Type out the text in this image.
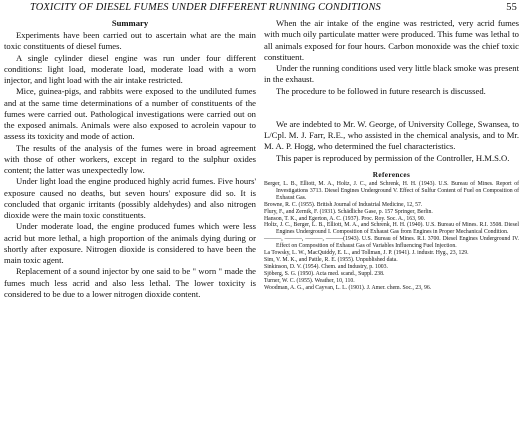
TOXICITY OF DIESEL FUMES UNDER DIFFERENT RUNNING CONDITIONS	55
Summary

Experiments have been carried out to ascertain what are the main toxic constituents of diesel fumes.

A single cylinder diesel engine was run under four different conditions: light load, moderate load, moderate load with a worn injector, and light load with the air intake restricted.

Mice, guinea-pigs, and rabbits were exposed to the undiluted fumes and at the same time determinations of a number of constituents of the fumes were carried out. Pathological investigations were carried out on the exposed animals. Animals were also exposed to acrolein vapour to assess its toxicity and mode of action.

The results of the analysis of the fumes were in broad agreement with those of other workers, except in regard to the sulphur oxides content; the latter was unexpectedly low.

Under light load the engine produced highly acrid fumes. Five hours' exposure caused no deaths, but seven hours' exposure did so. It is concluded that organic irritants (possibly aldehydes) and also nitrogen dioxide were the main toxic constituents.

Under moderate load, the engine produced fumes which were less acrid but more lethal, a high proportion of the animals dying during or shortly after exposure. Nitrogen dioxide is considered to have been the main toxic agent.

Replacement of a sound injector by one said to be " worn " made the fumes much less acrid and also less lethal. The lower toxicity is considered to be due to a lower nitrogen dioxide content.

When the air intake of the engine was restricted, very acrid fumes with much oily particulate matter were produced. This fume was lethal to all animals exposed for four hours. Carbon monoxide was the chief toxic constituent.

Under the running conditions used very little black smoke was present in the exhaust.

The procedure to be followed in future research is discussed.

We are indebted to Mr. W. George, of University College, Swansea, to L/Cpl. M. J. Farr, R.E., who assisted in the chemical analysis, and to Mr. M. A. P. Hogg, who determined the fuel characteristics.

This paper is reproduced by permission of the Controller, H.M.S.O.

References
Berger, L. B., Elliott, M. A., Holtz, J. C., and Schrenk, H. H. (1943). U.S. Bureau of Mines. Report of Investigations 3713. Diesel Engines Underground V. Effect of Sulfur Content of Fuel on Composition of Exhaust Gas.
Browne, R. C. (1955). British Journal of Industrial Medicine, 12, 57.
Flury, F., and Zernik, F. (1931). Schädliche Gase, p. 157 Springer, Berlin.
Hanson, T. K., and Egerton, A. C. (1937). Proc. Roy. Soc. A., 163, 90.
Holtz, J. C., Berger, L. B., Elliott, M. A., and Schrenk, H. H. (1940). U.S. Bureau of Mines. R.I. 3508. Diesel Engines Underground I. Composition of Exhaust Gas from Engines in Proper Mechanical Condition.
———, ———, ———, ———(1943). U.S. Bureau of Mines. R.I. 3700. Diesel Engines Underground IV. Effect on Composition of Exhaust Gas of Variables Influencing Fuel Injection.
La Towsky, L. W., MacQuiddy, E. L., and Tollman, J. P. (1941). J. industr. Hyg., 23, 129.
Sim, V. M. K., and Pattle, R. E. (1955). Unpublished data.
Sinkinson, D. V. (1954). Chem. and Industry, p. 1003.
Sjöberg, S. G. (1950). Acta med. scand., Suppl. 238.
Turner, W. C. (1955). Weather, 10, 110.
Woodman, A. G., and Cayvan, L. L. (1901). J. Amer. chem. Soc., 23, 96.
